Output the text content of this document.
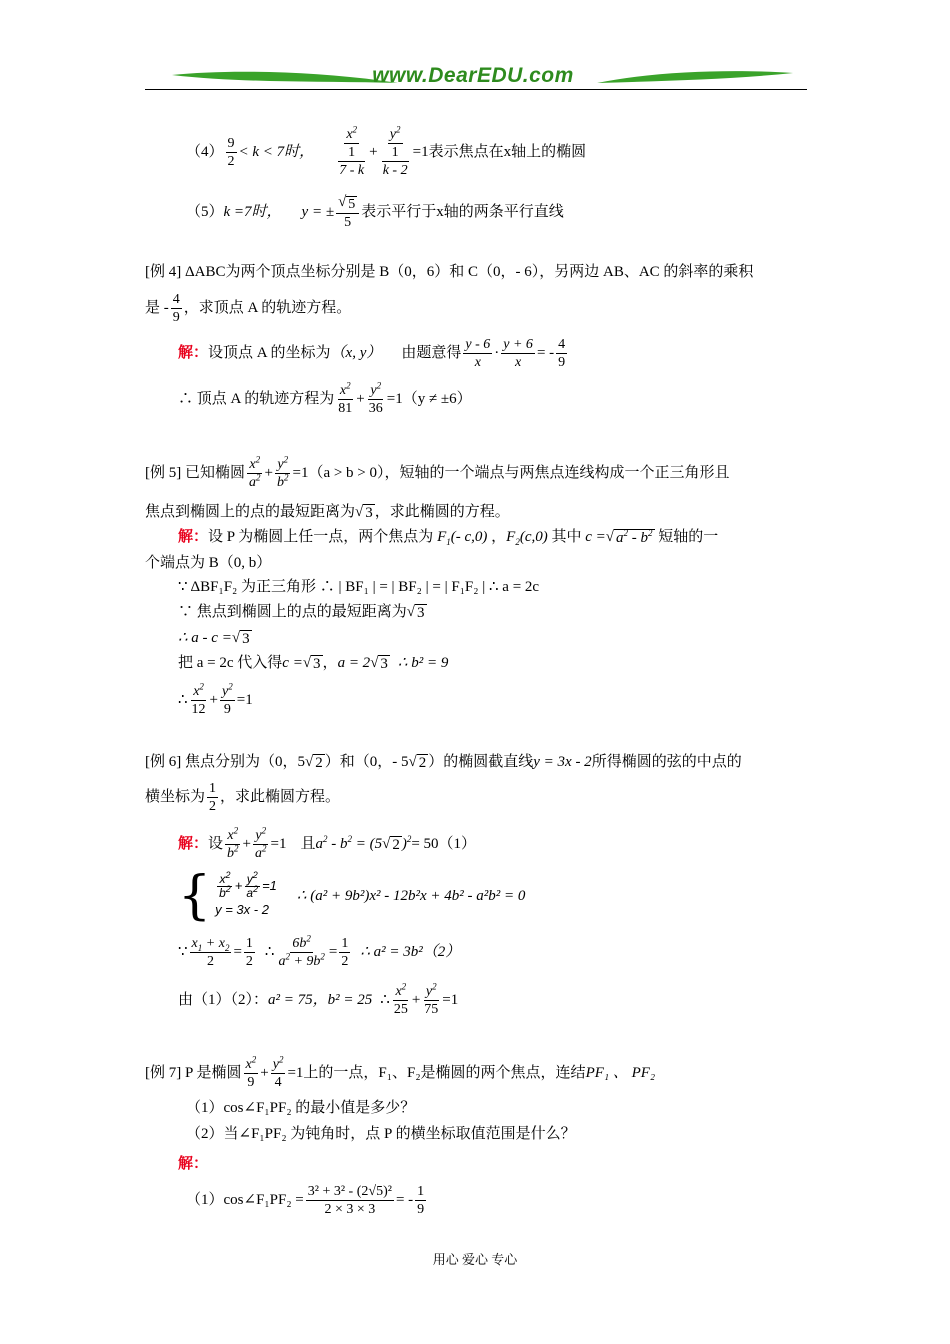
www.DearEDU.com
$(4) \frac{9}{2} < k < 7$时， $x^2$
1
$7 - k + y^2$
1
k - 2 =1 表示焦点在x轴上的椭圆
（5） k =7时， y = ± $\frac{√ 5}{5}$ 表示平行于x轴的两条平行直线
[例 4]
ΔABC为两个顶点坐标分别是 B（0，6）和 C（0，- 6），另两边 AB、AC 的斜率的乘积
是 - $\frac{4}{9}$ ，求顶点 A 的轨迹方程。
解： 设顶点 A 的坐标为 （x, y） 由题意得 $\frac{y - 6}{x} \cdot \frac{y + 6}{x}$ = - $\frac{4}{9}$
∴ 顶点 A 的轨迹方程为 $\frac{x^2}{81} + \frac{y^2}{36} =1(y \ne \pm 6)$
[例 5]
已知椭圆 $\frac{x^2}{a^2} + \frac{y^2}{b^2} =1(a > b > 0)$，短轴的一个端点与两焦点连线构成一个正三角形且
焦点到椭圆上的点的最短距离为 √ 3 ，求此椭圆的方程。
解： 设 P 为椭圆上任一点，两个焦点为 $F_1(-$ c,0) ， $F_2(c,0)$
其中 c = √ $a^2 - b^2$
短轴的一
个端点为 B（0, b）
∵ ΔBF₁F₂ 为正三角形 ∴ | BF₁ | = | BF₂ | = | F₁F₂ | ∴ a = 2c
∵ 焦点到椭圆上的点的最短距离为 √ 3
∴ a - c = √ 3
把 a = 2c 代入得 c = √ 3 ， a = 2 √ 3 ∴ b² = 9
∴ $\frac{x^2}{12} + \frac{y^2}{9} =1$
[例 6]
焦点分别为（0，5 √ 2 ）和（0，- 5 √ 2 ）的椭圆截直线 y = 3x - 2 所得椭圆的弦的中点的
横坐标为 $\frac{1}{2}$ ，求此椭圆方程。
解： 设 $\frac{x^2}{b^2} + \frac{y^2}{a^2} =1$ 且 $a^2 - b^2 = (5$ √ 2 )$^2$ = 50（1）
{ $\frac{x^2}{b^2} + \frac{y^2}{a^2} =1$
y = 3x - 2
∴ (a² + 9b²)x² - 12b²x + 4b² - a²b² = 0
∵ $\frac{x_1 + x_2}{2} = \frac{1}{2}$ ∴ $\frac{6b^2}{a^2 + 9b^2} = \frac{1}{2}$ ∴ a² = 3b²（2）
由（1）（2）： a² = 75，b² = 25 ∴ $\frac{x^2}{25} + \frac{y^2}{75} =1$
[例 7]
P 是椭圆 $\frac{x^2}{9} + \frac{y^2}{4} =1$上的一点，F₁、F₂是椭圆的两个焦点，连结 PF₁ 、 PF₂
（1）cos∠F₁PF₂ 的最小值是多少？
（2）当∠F₁PF₂ 为钝角时，点 P 的横坐标取值范围是什么？
解：
（1）cos∠F₁PF₂ = $\frac{\text{3² + 3² - (2√5)²}}{2 \times 3 \times 3}$ = - $\frac{1}{9}$
用心 爱心 专心
